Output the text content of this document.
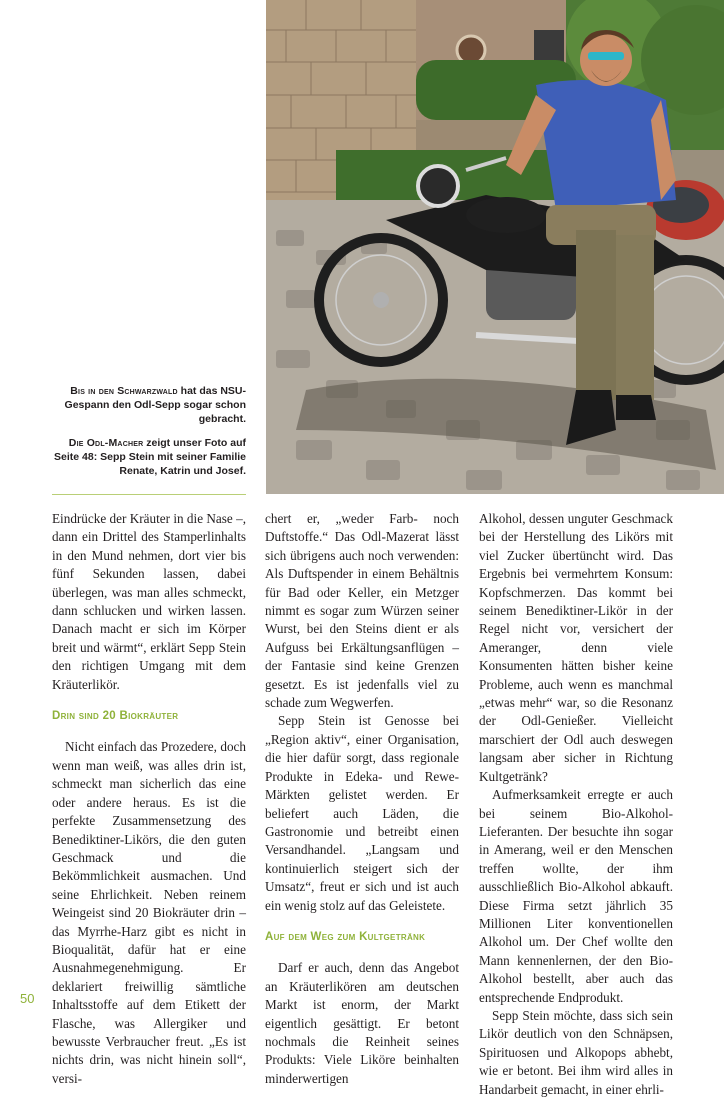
Bis in den Schwarzwald hat das NSU-Gespann den Odl-Sepp sogar schon gebracht.

Die Odl-Macher zeigt unser Foto auf Seite 48: Sepp Stein mit seiner Familie Renate, Katrin und Josef.

Eindrücke der Kräuter in die Nase –, dann ein Drittel des Stamperlinhalts in den Mund nehmen, dort vier bis fünf Sekunden lassen, dabei überlegen, was man alles schmeckt, dann schlucken und wirken lassen. Danach macht er sich im Körper breit und wärmt“, erklärt Sepp Stein den richtigen Umgang mit dem Kräuterlikör.

Drin sind 20 Biokräuter

Nicht einfach das Prozedere, doch wenn man weiß, was alles drin ist, schmeckt man sicherlich das eine oder andere heraus. Es ist die perfekte Zusammensetzung des Benediktiner-Likörs, die den guten Geschmack und die Bekömmlichkeit ausmachen. Und seine Ehrlichkeit. Neben reinem Weingeist sind 20 Biokräuter drin – das Myrrhe-Harz gibt es nicht in Bioqualität, dafür hat er eine Ausnahmegenehmigung. Er deklariert freiwillig sämtliche Inhaltsstoffe auf dem Etikett der Flasche, was Allergiker und bewusste Verbraucher freut. „Es ist nichts drin, was nicht hinein soll“, versi-

chert er, „weder Farb- noch Duftstoffe.“ Das Odl-Mazerat lässt sich übrigens auch noch verwenden: Als Duftspender in einem Behältnis für Bad oder Keller, ein Metzger nimmt es sogar zum Würzen seiner Wurst, bei den Steins dient er als Aufguss bei Erkältungsanflügen – der Fantasie sind keine Grenzen gesetzt. Es ist jedenfalls viel zu schade zum Wegwerfen.

Sepp Stein ist Genosse bei „Region aktiv“, einer Organisation, die hier dafür sorgt, dass regionale Produkte in Edeka- und Rewe-Märkten gelistet werden. Er beliefert auch Läden, die Gastronomie und betreibt einen Versandhandel. „Langsam und kontinuierlich steigert sich der Umsatz“, freut er sich und ist auch ein wenig stolz auf das Geleistete.

Auf dem Weg zum Kultgetränk

Darf er auch, denn das Angebot an Kräuterlikören am deutschen Markt ist enorm, der Markt eigentlich gesättigt. Er betont nochmals die Reinheit seines Produkts: Viele Liköre beinhalten minderwertigen

Alkohol, dessen unguter Geschmack bei der Herstellung des Likörs mit viel Zucker übertüncht wird. Das Ergebnis bei vermehrtem Konsum: Kopfschmerzen. Das kommt bei seinem Benediktiner-Likör in der Regel nicht vor, versichert der Ameranger, denn viele Konsumenten hätten bisher keine Probleme, auch wenn es manchmal „etwas mehr“ war, so die Resonanz der Odl-Genießer. Vielleicht marschiert der Odl auch deswegen langsam aber sicher in Richtung Kultgetränk?

Aufmerksamkeit erregte er auch bei seinem Bio-Alkohol-Lieferanten. Der besuchte ihn sogar in Amerang, weil er den Menschen treffen wollte, der ihm ausschließlich Bio-Alkohol abkauft. Diese Firma setzt jährlich 35 Millionen Liter konventionellen Alkohol um. Der Chef wollte den Mann kennenlernen, der den Bio-Alkohol bestellt, aber auch das entsprechende Endprodukt.

Sepp Stein möchte, dass sich sein Likör deutlich von den Schnäpsen, Spirituosen und Alkopops abhebt, wie er betont. Bei ihm wird alles in Handarbeit gemacht, in einer ehrli-

50
